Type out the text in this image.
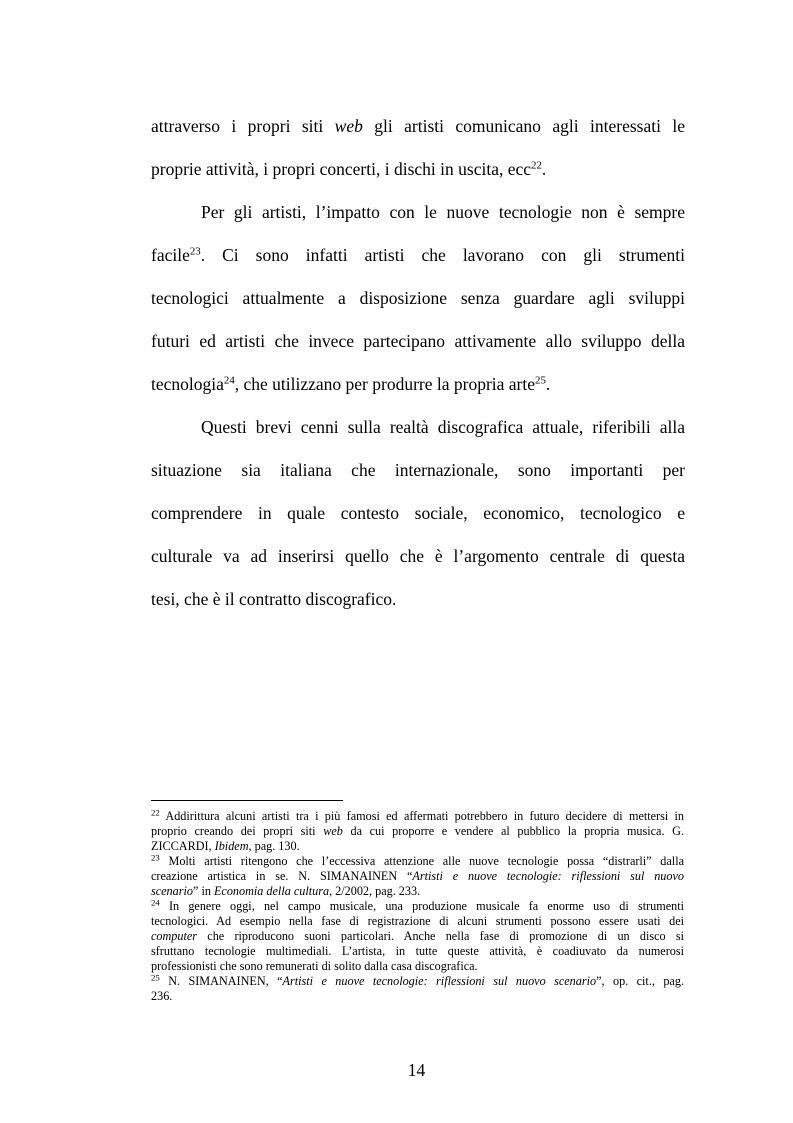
attraverso i propri siti web gli artisti comunicano agli interessati le
proprie attività, i propri concerti, i dischi in uscita, ecc$^{22}$.
Per gli artisti, l’impatto con le nuove tecnologie non è sempre
facile$^{23}$. Ci sono infatti artisti che lavorano con gli strumenti
tecnologici attualmente a disposizione senza guardare agli sviluppi
futuri ed artisti che invece partecipano attivamente allo sviluppo della
tecnologia$^{24}$, che utilizzano per produrre la propria arte$^{25}$.
Questi brevi cenni sulla realtà discografica attuale, riferibili alla
situazione sia italiana che internazionale, sono importanti per
comprendere in quale contesto sociale, economico, tecnologico e
culturale va ad inserirsi quello che è l’argomento centrale di questa
tesi, che è il contratto discografico.
$^{22}$ Addirittura alcuni artisti tra i più famosi ed affermati potrebbero in futuro decidere di mettersi in
proprio creando dei propri siti web da cui proporre e vendere al pubblico la propria musica. G.
ZICCARDI, Ibidem, pag. 130.
$^{23}$ Molti artisti ritengono che l’eccessiva attenzione alle nuove tecnologie possa “distrarli” dalla
creazione artistica in se. N. SIMANAINEN “Artisti e nuove tecnologie: riflessioni sul nuovo
scenario” in Economia della cultura, 2/2002, pag. 233.
$^{24}$ In genere oggi, nel campo musicale, una produzione musicale fa enorme uso di strumenti
tecnologici. Ad esempio nella fase di registrazione di alcuni strumenti possono essere usati dei
computer che riproducono suoni particolari. Anche nella fase di promozione di un disco si
sfruttano tecnologie multimediali. L’artista, in tutte queste attività, è coadiuvato da numerosi
professionisti che sono remunerati di solito dalla casa discografica.
$^{25}$ N. SIMANAINEN, “Artisti e nuove tecnologie: riflessioni sul nuovo scenario”, op. cit., pag.
236.
14
